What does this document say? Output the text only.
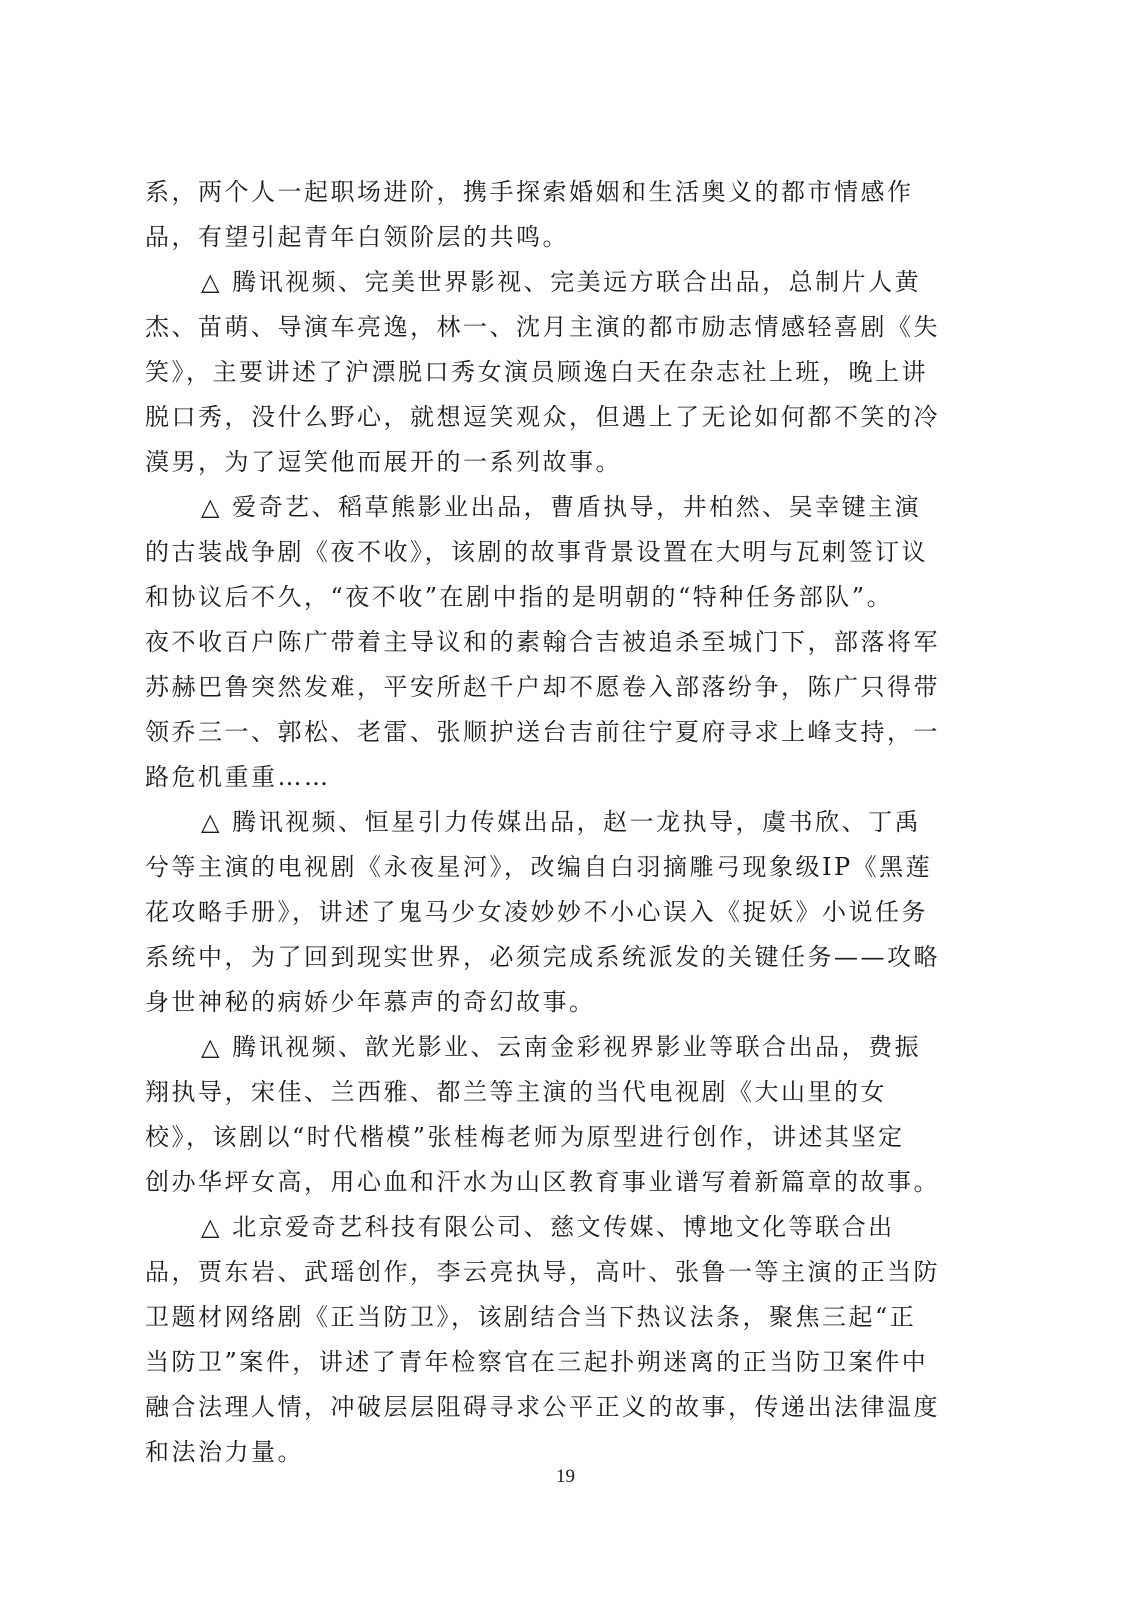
系，两个人一起职场进阶，携手探索婚姻和生活奥义的都市情感作
品，有望引起青年白领阶层的共鸣。
△ 腾讯视频、完美世界影视、完美远方联合出品，总制片人黄
杰、苗萌、导演车亮逸，林一、沈月主演的都市励志情感轻喜剧《失
笑》，主要讲述了沪漂脱口秀女演员顾逸白天在杂志社上班，晚上讲
脱口秀，没什么野心，就想逗笑观众，但遇上了无论如何都不笑的冷
漠男，为了逗笑他而展开的一系列故事。
△ 爱奇艺、稻草熊影业出品，曹盾执导，井柏然、吴幸键主演
的古装战争剧《夜不收》，该剧的故事背景设置在大明与瓦剌签订议
和协议后不久，“夜不收”在剧中指的是明朝的“特种任务部队”。
夜不收百户陈广带着主导议和的素翰合吉被追杀至城门下，部落将军
苏赫巴鲁突然发难，平安所赵千户却不愿卷入部落纷争，陈广只得带
领乔三一、郭松、老雷、张顺护送台吉前往宁夏府寻求上峰支持，一
路危机重重……
△ 腾讯视频、恒星引力传媒出品，赵一龙执导，虞书欣、丁禹
兮等主演的电视剧《永夜星河》，改编自白羽摘雕弓现象级IP《黑莲
花攻略手册》，讲述了鬼马少女凌妙妙不小心误入《捉妖》小说任务
系统中，为了回到现实世界，必须完成系统派发的关键任务——攻略
身世神秘的病娇少年慕声的奇幻故事。
△ 腾讯视频、歆光影业、云南金彩视界影业等联合出品，费振
翔执导，宋佳、兰西雅、都兰等主演的当代电视剧《大山里的女
校》，该剧以“时代楷模”张桂梅老师为原型进行创作，讲述其坚定
创办华坪女高，用心血和汗水为山区教育事业谱写着新篇章的故事。
△ 北京爱奇艺科技有限公司、慈文传媒、博地文化等联合出
品，贾东岩、武瑶创作，李云亮执导，高叶、张鲁一等主演的正当防
卫题材网络剧《正当防卫》，该剧结合当下热议法条，聚焦三起“正
当防卫”案件，讲述了青年检察官在三起扑朔迷离的正当防卫案件中
融合法理人情，冲破层层阻碍寻求公平正义的故事，传递出法律温度
和法治力量。
19
